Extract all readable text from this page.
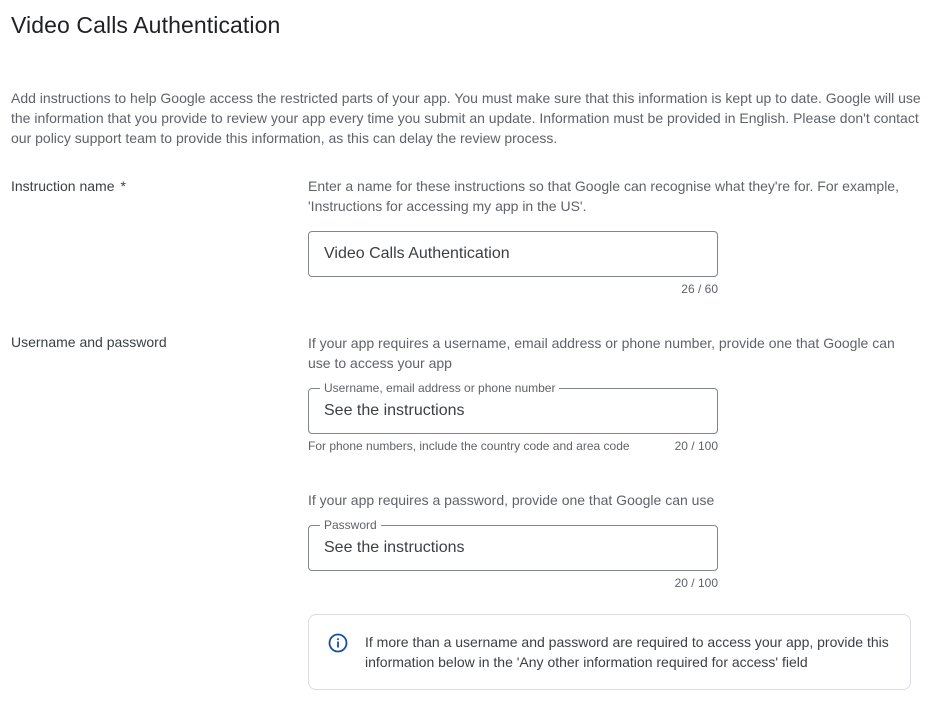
Video Calls Authentication

Add instructions to help Google access the restricted parts of your app. You must make sure that this information is kept up to date. Google will use the information that you provide to review your app every time you submit an update. Information must be provided in English. Please don't contact our policy support team to provide this information, as this can delay the review process.

Instruction name *	Enter a name for these instructions so that Google can recognise what they're for. For example, 'Instructions for accessing my app in the US'.

Video Calls Authentication
26 / 60
Username and password	If your app requires a username, email address or phone number, provide one that Google can use to access your app

Username, email address or phone number
See the instructions
For phone numbers, include the country code and area code	20 / 100

If your app requires a password, provide one that Google can use

Password
See the instructions
20 / 100

If more than a username and password are required to access your app, provide this information below in the 'Any other information required for access' field
